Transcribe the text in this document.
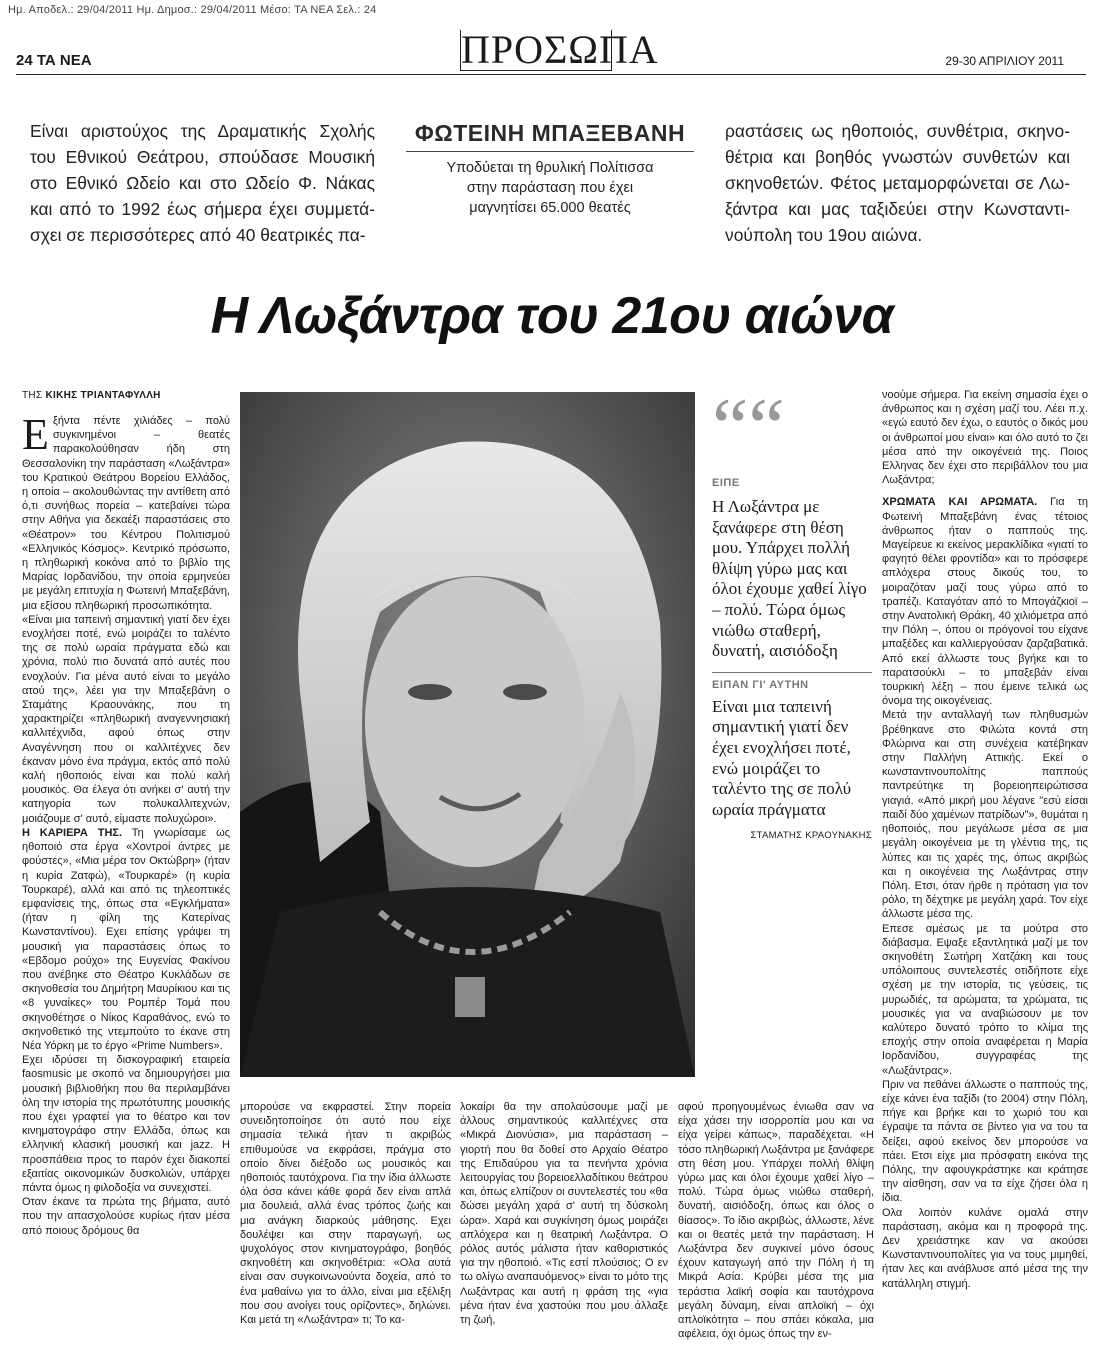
Ημ. Αποδελ.: 29/04/2011 Ημ. Δημοσ.: 29/04/2011 Μέσο: ΤΑ ΝΕΑ Σελ.: 24
24 ΤΑ ΝΕΑ	ΠΡΟΣΩΠΑ	29-30 ΑΠΡΙΛΙΟΥ 2011

Είναι αριστούχος της Δραματικής Σχολής

του Εθνικού Θεάτρου, σπούδασε Μουσική

στο Εθνικό Ωδείο και στο Ωδείο Φ. Νάκας

και από το 1992 έως σήμερα έχει συμμετά-

σχει σε περισσότερες από 40 θεατρικές πα-

ΦΩΤΕΙΝΗ ΜΠΑΞΕΒΑΝΗ
Υποδύεται τη θρυλική Πολίτισσα
στην παράσταση που έχει
μαγνητίσει 65.000 θεατές

ραστάσεις ως ηθοποιός, συνθέτρια, σκηνο-

θέτρια και βοηθός γνωστών συνθετών και

σκηνοθετών. Φέτος μεταμορφώνεται σε Λω-

ξάντρα και μας ταξιδεύει στην Κωνσταντι-

νούπολη του 19ου αιώνα.

Η Λωξάντρα του 21ου αιώνα
ΤΗΣ ΚΙΚΗΣ ΤΡΙΑΝΤΑΦΥΛΛΗ

Εξήντα πέντε χιλιάδες – πολύ συγκινημένοι – θεατές παρακολούθησαν ήδη στη Θεσσαλονίκη την παράσταση «Λωξάντρα» του Κρατικού Θεάτρου Βορείου Ελλάδος, η οποία – ακολουθώντας την αντίθετη από ό,τι συνήθως πορεία – κατεβαίνει τώρα στην Αθήνα για δεκαέξι παραστάσεις στο «Θέατρον» του Κέντρου Πολιτισμού «Ελληνικός Κόσμος». Κεντρικό πρόσωπο, η πληθωρική κοκόνα από το βιβλίο της Μαρίας Ιορδανίδου, την οποία ερμηνεύει με μεγάλη επιτυχία η Φωτεινή Μπαξεβάνη, μια εξίσου πληθωρική προσωπικότητα.

«Είναι μια ταπεινή σημαντική γιατί δεν έχει ενοχλήσει ποτέ, ενώ μοιράζει το ταλέντο της σε πολύ ωραία πράγματα εδώ και χρόνια, πολύ πιο δυνατά από αυτές που ενοχλούν. Για μένα αυτό είναι το μεγάλο ατού της», λέει για την Μπαξεβάνη ο Σταμάτης Κραουνάκης, που τη χαρακτηρίζει «πληθωρική αναγεννησιακή καλλιτέχνιδα, αφού όπως στην Αναγέννηση που οι καλλιτέχνες δεν έκαναν μόνο ένα πράγμα, εκτός από πολύ καλή ηθοποιός είναι και πολύ καλή μουσικός. Θα έλεγα ότι ανήκει σ' αυτή την κατηγορία των πολυκαλλιτεχνών, μοιάζουμε σ' αυτό, είμαστε πολυχώροι».

Η ΚΑΡΙΕΡΑ ΤΗΣ. Τη γνωρίσαμε ως ηθοποιό στα έργα «Χοντροί άντρες με φούστες», «Μια μέρα τον Οκτώβρη» (ήταν η κυρία Ζατφώ), «Τουρκαρέ» (η κυρία Τουρκαρέ), αλλά και από τις τηλεοπτικές εμφανίσεις της, όπως στα «Εγκλήματα» (ήταν η φίλη της Κατερίνας Κωνσταντίνου). Εχει επίσης γράψει τη μουσική για παραστάσεις όπως το «Εβδομο ρούχο» της Ευγενίας Φακίνου που ανέβηκε στο Θέατρο Κυκλάδων σε σκηνοθεσία του Δημήτρη Μαυρίκιου και τις «8 γυναίκες» του Ρομπέρ Τομά που σκηνοθέτησε ο Νίκος Καραθάνος, ενώ το σκηνοθετικό της ντεμπούτο το έκανε στη Νέα Υόρκη με το έργο «Prime Numbers».

Εχει ιδρύσει τη δισκογραφική εταιρεία faosmusic με σκοπό να δημιουργήσει μια μουσική βιβλιοθήκη που θα περιλαμβάνει όλη την ιστορία της πρωτότυπης μουσικής που έχει γραφτεί για το θέατρο και τον κινηματογράφο στην Ελλάδα, όπως και ελληνική κλασική μουσική και jazz. Η προσπάθεια προς το παρόν έχει διακοπεί εξαιτίας οικονομικών δυσκολιών, υπάρχει πάντα όμως η φιλοδοξία να συνεχιστεί.

Οταν έκανε τα πρώτα της βήματα, αυτό που την απασχολούσε κυρίως ήταν μέσα από ποιους δρόμους θα

““
ΕΙΠΕ
Η Λωξάντρα με ξανάφερε στη θέση μου. Υπάρχει πολλή θλίψη γύρω μας και όλοι έχουμε χαθεί λίγο – πολύ. Τώρα όμως νιώθω σταθερή, δυνατή, αισιόδοξη
ΕΙΠΑΝ ΓΙ' ΑΥΤΗΝ
Είναι μια ταπεινή σημαντική γιατί δεν έχει ενοχλήσει ποτέ, ενώ μοιράζει το ταλέντο της σε πολύ ωραία πράγματα
ΣΤΑΜΑΤΗΣ ΚΡΑΟΥΝΑΚΗΣ

μπορούσε να εκφραστεί. Στην πορεία συνειδητοποίησε ότι αυτό που είχε σημασία τελικά ήταν τι ακριβώς επιθυμούσε να εκφράσει, πράγμα στο οποίο δίνει διέξοδο ως μουσικός και ηθοποιός ταυτόχρονα. Για την ίδια άλλωστε όλα όσα κάνει κάθε φορά δεν είναι απλά μια δουλειά, αλλά ένας τρόπος ζωής και μια ανάγκη διαρκούς μάθησης. Εχει δουλέψει και στην παραγωγή, ως ψυχολόγος στον κινηματογράφο, βοηθός σκηνοθέτη και σκηνοθέτρια: «Ολα αυτά είναι σαν συγκοινωνούντα δοχεία, από το ένα μαθαίνω για το άλλο, είναι μια εξέλιξη που σου ανοίγει τους ορίζοντες», δηλώνει. Και μετά τη «Λωξάντρα» τι; Το κα-

λοκαίρι θα την απολαύσουμε μαζί με άλλους σημαντικούς καλλιτέχνες στα «Μικρά Διονύσια», μια παράσταση – γιορτή που θα δοθεί στο Αρχαίο Θέατρο της Επιδαύρου για τα πενήντα χρόνια λειτουργίας του βορειοελλαδίτικου θεάτρου και, όπως ελπίζουν οι συντελεστές του «θα δώσει μεγάλη χαρά σ' αυτή τη δύσκολη ώρα». Χαρά και συγκίνηση όμως μοιράζει απλόχερα και η θεατρική Λωξάντρα. Ο ρόλος αυτός μάλιστα ήταν καθοριστικός για την ηθοποιό. «Τις εστί πλούσιος; Ο εν τω ολίγω αναπαυόμενος» είναι το μότο της Λωξάντρας και αυτή η φράση της «για μένα ήταν ένα χαστούκι που μου άλλαξε τη ζωή,

αφού προηγουμένως ένιωθα σαν να είχα χάσει την ισορροπία μου και να είχα γείρει κάπως», παραδέχεται. «Η τόσο πληθωρική Λωξάντρα με ξανάφερε στη θέση μου. Υπάρχει πολλή θλίψη γύρω μας και όλοι έχουμε χαθεί λίγο – πολύ. Τώρα όμως νιώθω σταθερή, δυνατή, αισιόδοξη, όπως και όλος ο θίασος». Το ίδιο ακριβώς, άλλωστε, λένε και οι θεατές μετά την παράσταση. Η Λωξάντρα δεν συγκινεί μόνο όσους έχουν καταγωγή από την Πόλη ή τη Μικρά Ασία. Κρύβει μέσα της μια τεράστια λαϊκή σοφία και ταυτόχρονα μεγάλη δύναμη, είναι απλοϊκή – όχι απλοϊκότητα – που σπάει κόκαλα, μια αφέλεια, όχι όμως όπως την εν-

νοούμε σήμερα. Για εκείνη σημασία έχει ο άνθρωπος και η σχέση μαζί του. Λέει π.χ. «εγώ εαυτό δεν έχω, ο εαυτός ο δικός μου οι άνθρωποί μου είναι» και όλο αυτό το ζει μέσα από την οικογένειά της. Ποιος Ελληνας δεν έχει στο περιβάλλον του μια Λωξάντρα;

ΧΡΩΜΑΤΑ ΚΑΙ ΑΡΩΜΑΤΑ. Για τη Φωτεινή Μπαξεβάνη ένας τέτοιος άνθρωπος ήταν ο παππούς της. Μαγείρευε κι εκείνος μερακλίδικα «γιατί το φαγητό θέλει φροντίδα» και το πρόσφερε απλόχερα στους δικούς του, το μοιραζόταν μαζί τους γύρω από το τραπέζι. Καταγόταν από το Μπογάζκιοϊ – στην Ανατολική Θράκη, 40 χιλιόμετρα από την Πόλη –, όπου οι πρόγονοί του είχανε μπαξέδες και καλλιεργούσαν ζαρζαβατικά. Από εκεί άλλωστε τους βγήκε και το παρατσούκλι – το μπαξεβάν είναι τουρκική λέξη – που έμεινε τελικά ως όνομα της οικογένειας.

Μετά την ανταλλαγή των πληθυσμών βρέθηκανε στο Φιλώτα κοντά στη Φλώρινα και στη συνέχεια κατέβηκαν στην Παλλήνη Αττικής. Εκεί ο κωνσταντινουπολίτης παππούς παντρεύτηκε τη βορειοηπειρώτισσα γιαγιά. «Από μικρή μου λέγανε "εσύ είσαι παιδί δύο χαμένων πατρίδων"», θυμάται η ηθοποιός, που μεγάλωσε μέσα σε μια μεγάλη οικογένεια με τη γλέντια της, τις λύπες και τις χαρές της, όπως ακριβώς και η οικογένεια της Λωξάντρας στην Πόλη. Ετσι, όταν ήρθε η πρόταση για τον ρόλο, τη δέχτηκε με μεγάλη χαρά. Τον είχε άλλωστε μέσα της.

Επεσε αμέσως με τα μούτρα στο διάβασμα. Εψαξε εξαντλητικά μαζί με τον σκηνοθέτη Σωτήρη Χατζάκη και τους υπόλοιπους συντελεστές οτιδήποτε είχε σχέση με την ιστορία, τις γεύσεις, τις μυρωδιές, τα αρώματα, τα χρώματα, τις μουσικές για να αναβιώσουν με τον καλύτερο δυνατό τρόπο το κλίμα της εποχής στην οποία αναφέρεται η Μαρία Ιορδανίδου, συγγραφέας της «Λωξάντρας».

Πριν να πεθάνει άλλωστε ο παππούς της, είχε κάνει ένα ταξίδι (το 2004) στην Πόλη, πήγε και βρήκε και το χωριό του και έγραψε τα πάντα σε βίντεο για να του τα δείξει, αφού εκείνος δεν μπορούσε να πάει. Ετσι είχε μια πρόσφατη εικόνα της Πόλης, την αφουγκράστηκε και κράτησε την αίσθηση, σαν να τα είχε ζήσει όλα η ίδια.

Ολα λοιπόν κυλάνε ομαλά στην παράσταση, ακόμα και η προφορά της. Δεν χρειάστηκε καν να ακούσει Κωνσταντινουπολίτες για να τους μιμηθεί, ήταν λες και ανάβλυσε από μέσα της την κατάλληλη στιγμή.
